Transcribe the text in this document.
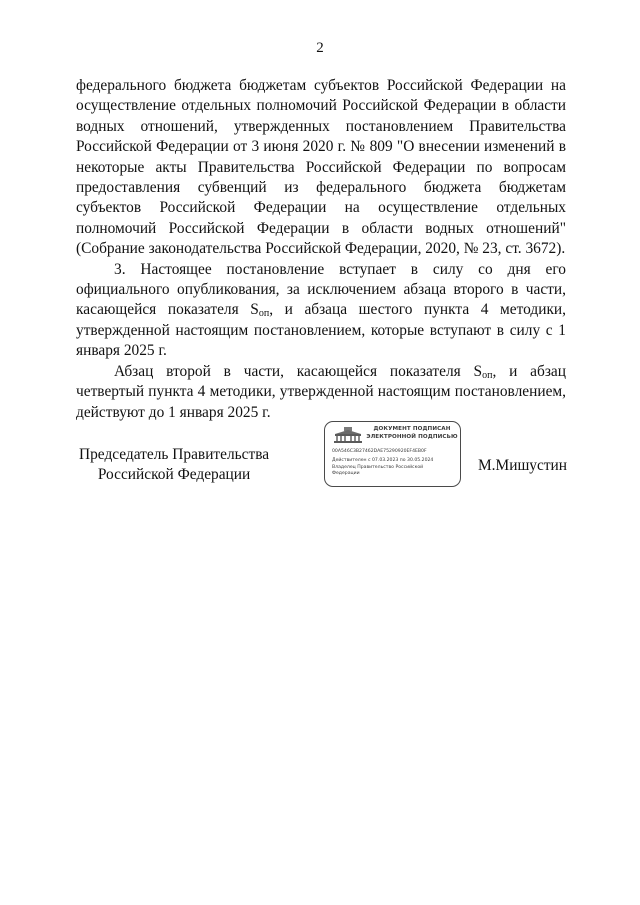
2

федерального бюджета бюджетам субъектов Российской Федерации на осуществление отдельных полномочий Российской Федерации в области водных отношений, утвержденных постановлением Правительства Российской Федерации от 3 июня 2020 г. № 809 "О внесении изменений в некоторые акты Правительства Российской Федерации по вопросам предоставления субвенций из федерального бюджета бюджетам субъектов Российской Федерации на осуществление отдельных полномочий Российской Федерации в области водных отношений" (Собрание законодательства Российской Федерации, 2020, № 23, ст. 3672).

3. Настоящее постановление вступает в силу со дня его официального опубликования, за исключением абзаца второго в части, касающейся показателя $S_{оп}$, и абзаца шестого пункта 4 методики, утвержденной настоящим постановлением, которые вступают в силу с 1 января 2025 г.

Абзац второй в части, касающейся показателя $S_{оп}$, и абзац четвертый пункта 4 методики, утвержденной настоящим постановлением, действуют до 1 января 2025 г.

Председатель Правительства
Российской Федерации
ДОКУМЕНТ ПОДПИСАН
ЭЛЕКТРОННОЙ ПОДПИСЬЮ
00A546C3B27462DAE75290920EF4EB0F
Действителен с 07.03.2023 по 30.05.2024
Владелец Правительство Российской
Федерации	М.Мишустин
